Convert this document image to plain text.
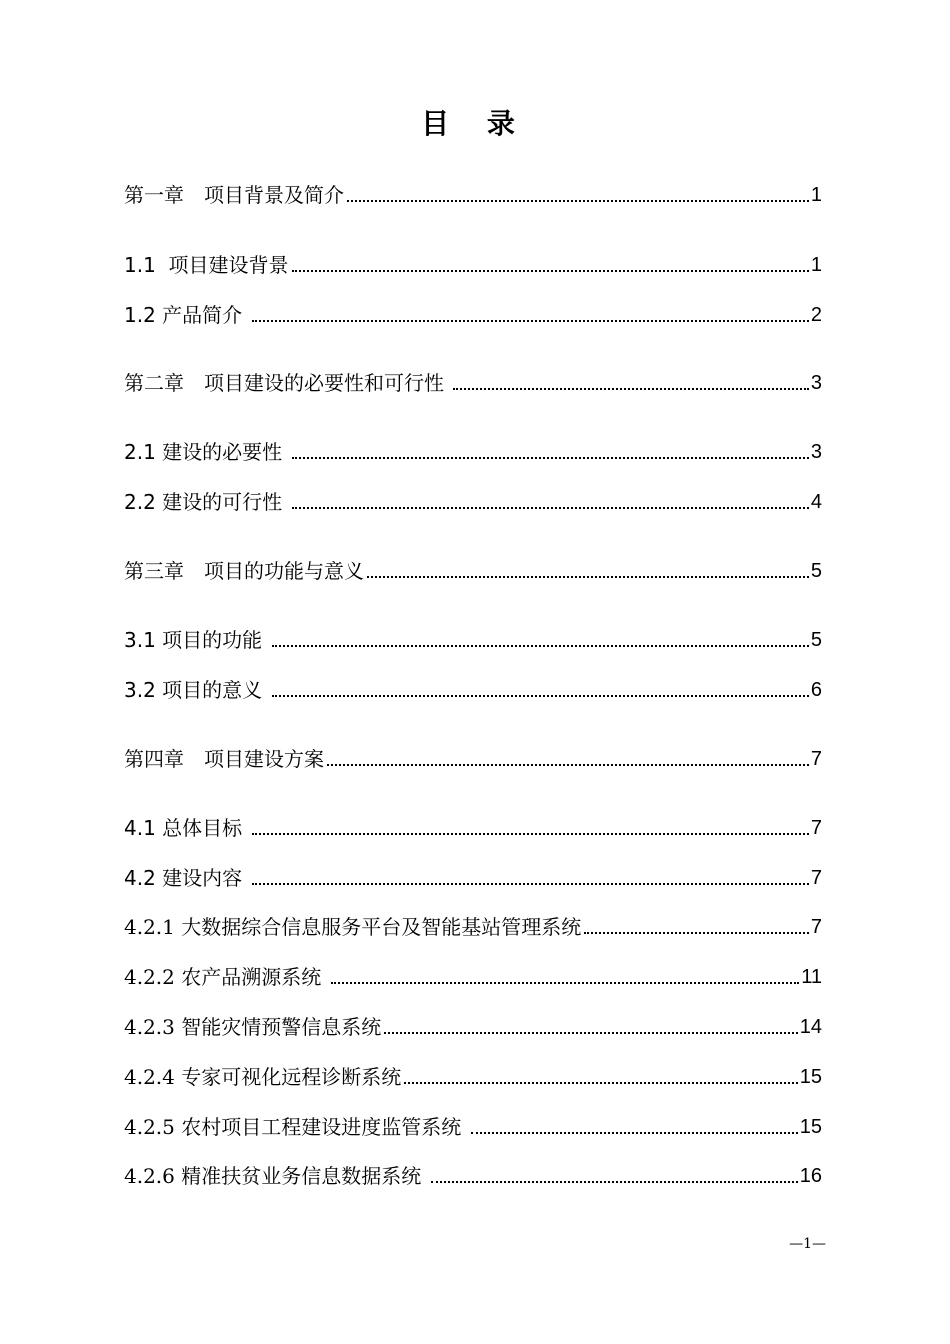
目 录
第一章　项目背景及简介	1
1.1  项目建设背景	1
1.2 产品简介	2
第二章　项目建设的必要性和可行性	3
2.1 建设的必要性	3
2.2 建设的可行性	4
第三章　项目的功能与意义	5
3.1 项目的功能	5
3.2 项目的意义	6
第四章　项目建设方案	7
4.1 总体目标	7
4.2 建设内容	7
4.2.1 大数据综合信息服务平台及智能基站管理系统	7
4.2.2 农产品溯源系统	11
4.2.3 智能灾情预警信息系统	14
4.2.4 专家可视化远程诊断系统	15
4.2.5 农村项目工程建设进度监管系统	15
4.2.6 精准扶贫业务信息数据系统	16
—1—
